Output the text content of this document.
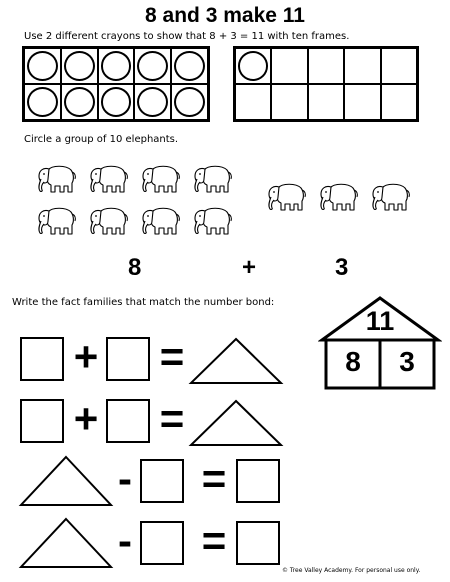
8 and 3 make 11
Use 2 different crayons to show that 8 + 3 = 11 with ten frames.
Circle a group of 10 elephants.
8	+	3
Write the fact families that match the number bond:
11
8	3
+ =
+ =
- =
- =
© Tree Valley Academy. For personal use only.
